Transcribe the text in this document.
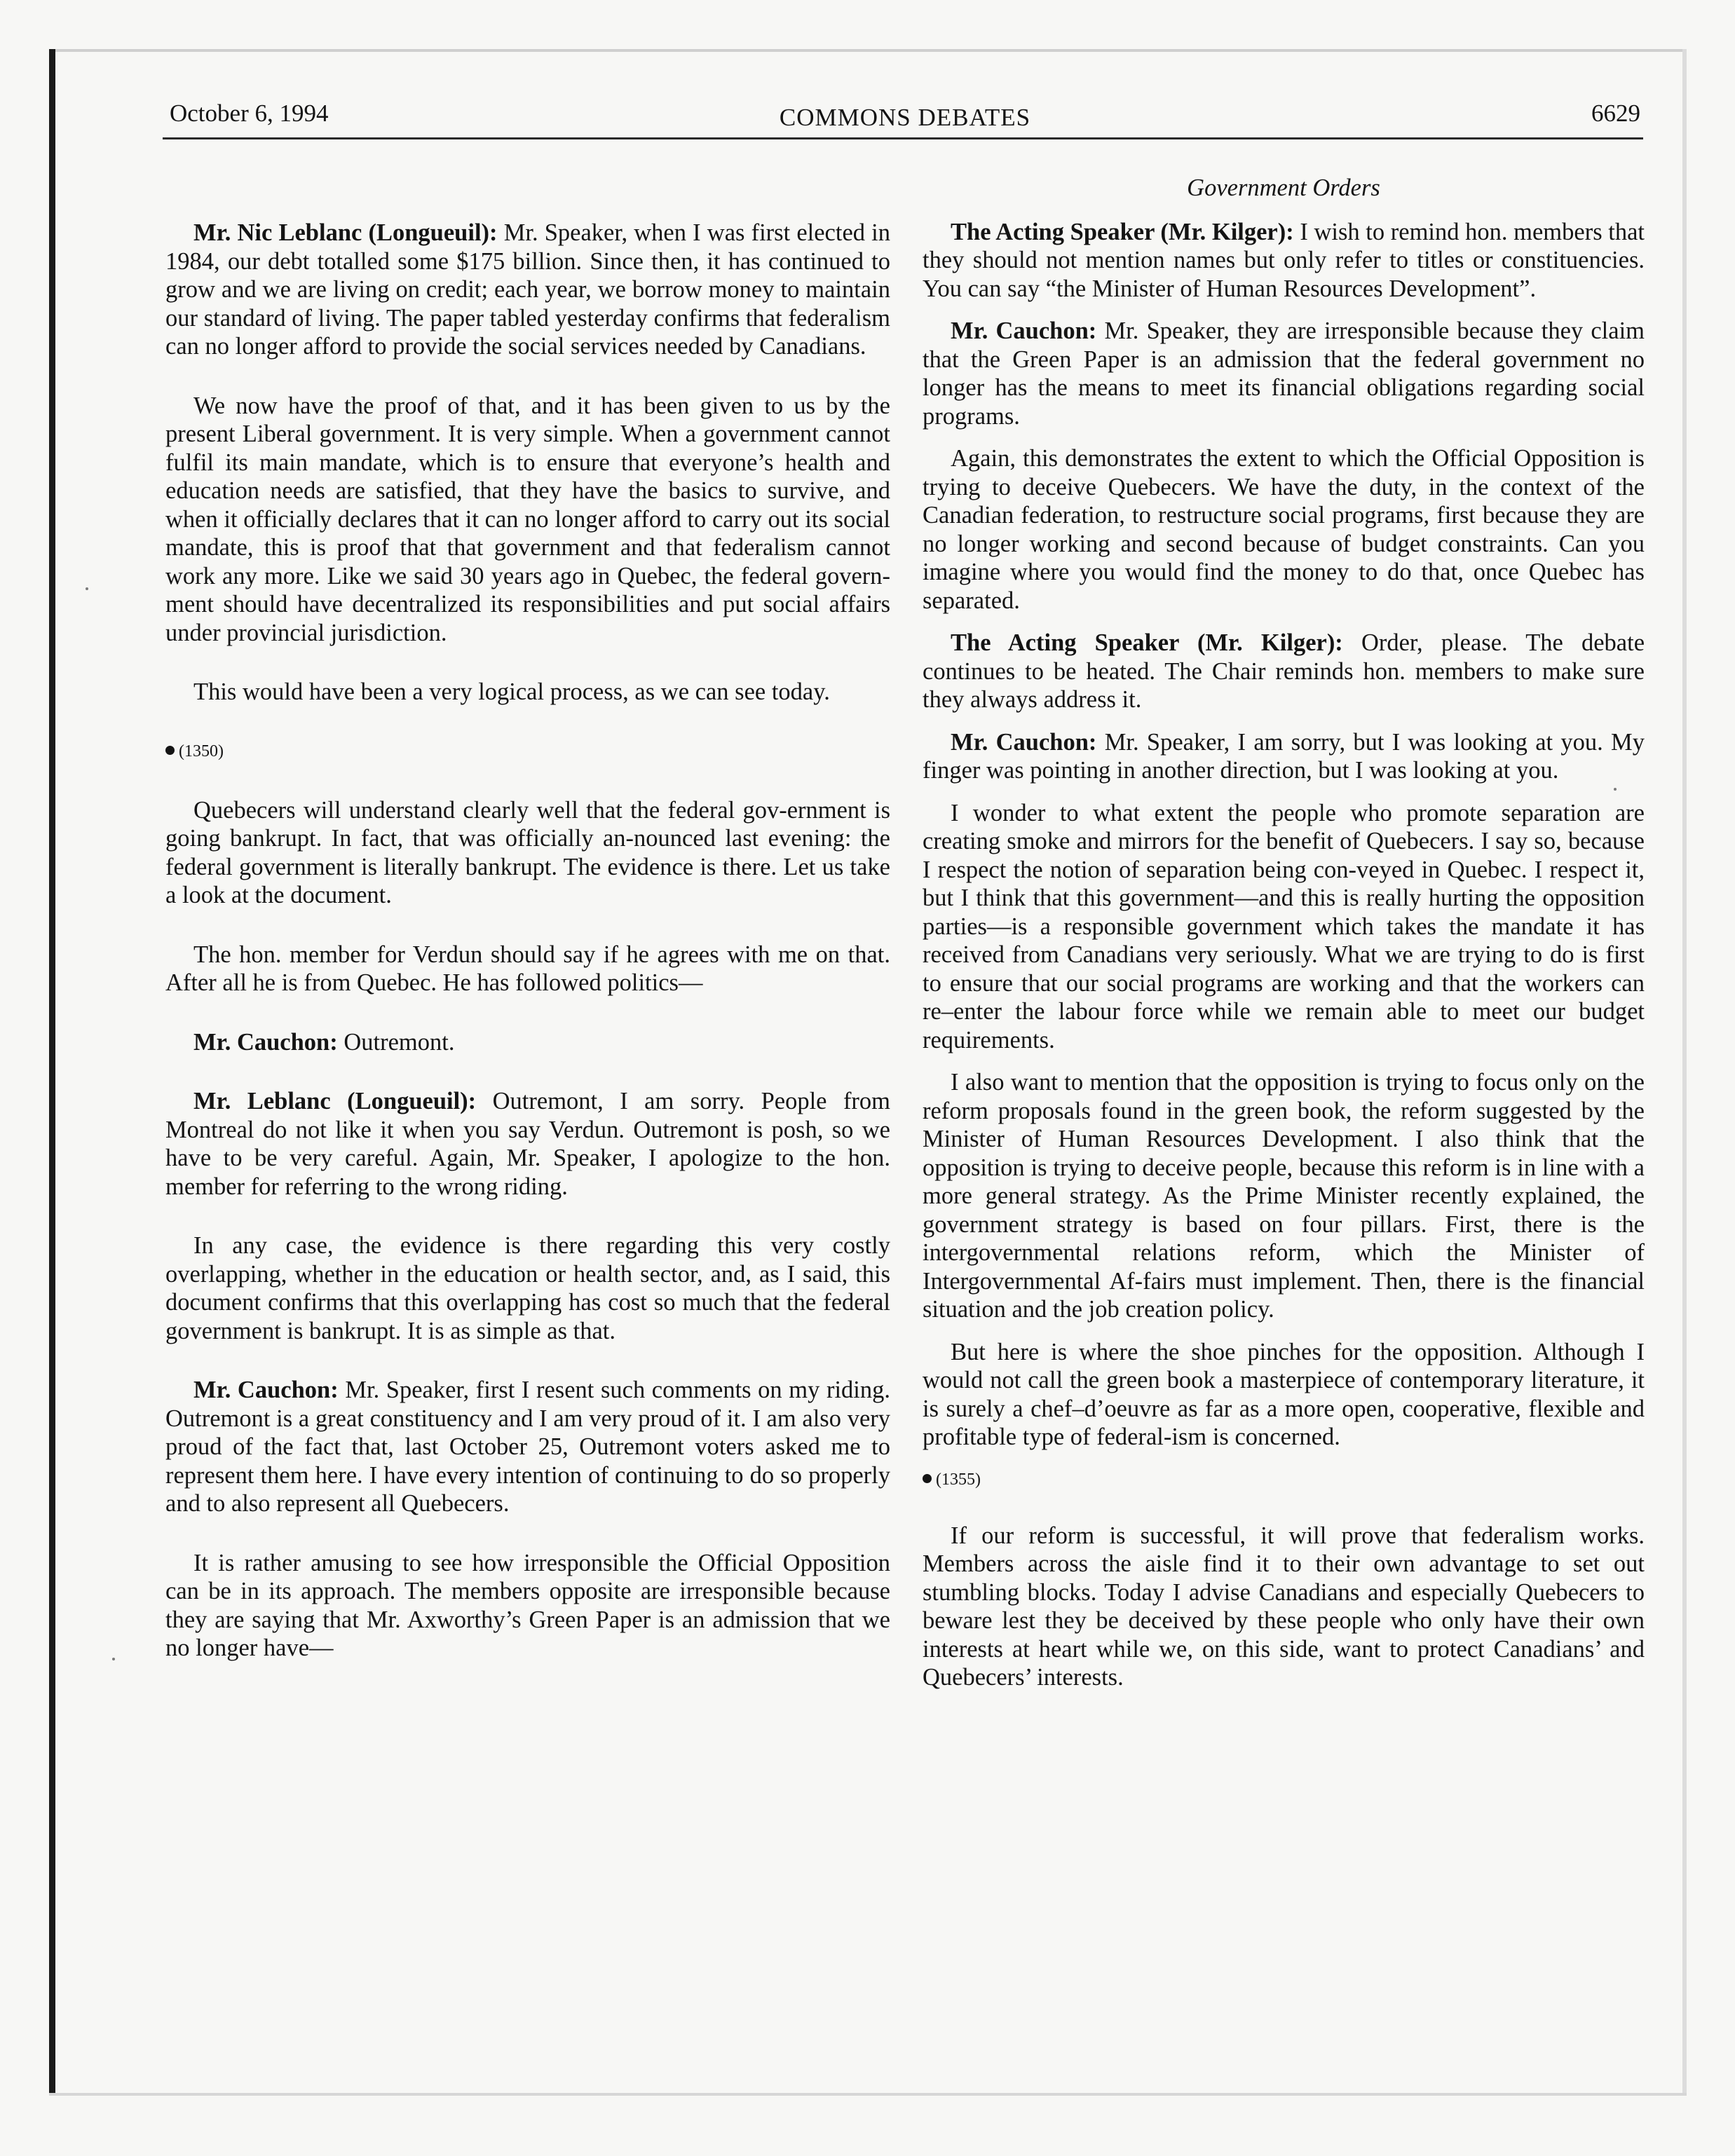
October 6, 1994	COMMONS DEBATES	6629

Mr. Nic Leblanc (Longueuil): Mr. Speaker, when I was first elected in 1984, our debt totalled some $175 billion. Since then, it has continued to grow and we are living on credit; each year, we borrow money to maintain our standard of living. The paper tabled yesterday confirms that federalism can no longer afford to provide the social services needed by Canadians.

We now have the proof of that, and it has been given to us by the present Liberal government. It is very simple. When a government cannot fulfil its main mandate, which is to ensure that everyone’s health and education needs are satisfied, that they have the basics to survive, and when it officially declares that it can no longer afford to carry out its social mandate, this is proof that that government and that federalism cannot work any more. Like we said 30 years ago in Quebec, the federal govern-ment should have decentralized its responsibilities and put social affairs under provincial jurisdiction.

This would have been a very logical process, as we can see today.

(1350)

Quebecers will understand clearly well that the federal gov-ernment is going bankrupt. In fact, that was officially an-nounced last evening: the federal government is literally bankrupt. The evidence is there. Let us take a look at the document.

The hon. member for Verdun should say if he agrees with me on that. After all he is from Quebec. He has followed politics—

Mr. Cauchon: Outremont.

Mr. Leblanc (Longueuil): Outremont, I am sorry. People from Montreal do not like it when you say Verdun. Outremont is posh, so we have to be very careful. Again, Mr. Speaker, I apologize to the hon. member for referring to the wrong riding.

In any case, the evidence is there regarding this very costly overlapping, whether in the education or health sector, and, as I said, this document confirms that this overlapping has cost so much that the federal government is bankrupt. It is as simple as that.

Mr. Cauchon: Mr. Speaker, first I resent such comments on my riding. Outremont is a great constituency and I am very proud of it. I am also very proud of the fact that, last October 25, Outremont voters asked me to represent them here. I have every intention of continuing to do so properly and to also represent all Quebecers.

It is rather amusing to see how irresponsible the Official Opposition can be in its approach. The members opposite are irresponsible because they are saying that Mr. Axworthy’s Green Paper is an admission that we no longer have—

Government Orders

The Acting Speaker (Mr. Kilger): I wish to remind hon. members that they should not mention names but only refer to titles or constituencies. You can say “the Minister of Human Resources Development”.

Mr. Cauchon: Mr. Speaker, they are irresponsible because they claim that the Green Paper is an admission that the federal government no longer has the means to meet its financial obligations regarding social programs.

Again, this demonstrates the extent to which the Official Opposition is trying to deceive Quebecers. We have the duty, in the context of the Canadian federation, to restructure social programs, first because they are no longer working and second because of budget constraints. Can you imagine where you would find the money to do that, once Quebec has separated.

The Acting Speaker (Mr. Kilger): Order, please. The debate continues to be heated. The Chair reminds hon. members to make sure they always address it.

Mr. Cauchon: Mr. Speaker, I am sorry, but I was looking at you. My finger was pointing in another direction, but I was looking at you.

I wonder to what extent the people who promote separation are creating smoke and mirrors for the benefit of Quebecers. I say so, because I respect the notion of separation being con-veyed in Quebec. I respect it, but I think that this government—and this is really hurting the opposition parties—is a responsible government which takes the mandate it has received from Canadians very seriously. What we are trying to do is first to ensure that our social programs are working and that the workers can re–enter the labour force while we remain able to meet our budget requirements.

I also want to mention that the opposition is trying to focus only on the reform proposals found in the green book, the reform suggested by the Minister of Human Resources Development. I also think that the opposition is trying to deceive people, because this reform is in line with a more general strategy. As the Prime Minister recently explained, the government strategy is based on four pillars. First, there is the intergovernmental relations reform, which the Minister of Intergovernmental Af-fairs must implement. Then, there is the financial situation and the job creation policy.

But here is where the shoe pinches for the opposition. Although I would not call the green book a masterpiece of contemporary literature, it is surely a chef–d’oeuvre as far as a more open, cooperative, flexible and profitable type of federal-ism is concerned.

(1355)

If our reform is successful, it will prove that federalism works. Members across the aisle find it to their own advantage to set out stumbling blocks. Today I advise Canadians and especially Quebecers to beware lest they be deceived by these people who only have their own interests at heart while we, on this side, want to protect Canadians’ and Quebecers’ interests.
